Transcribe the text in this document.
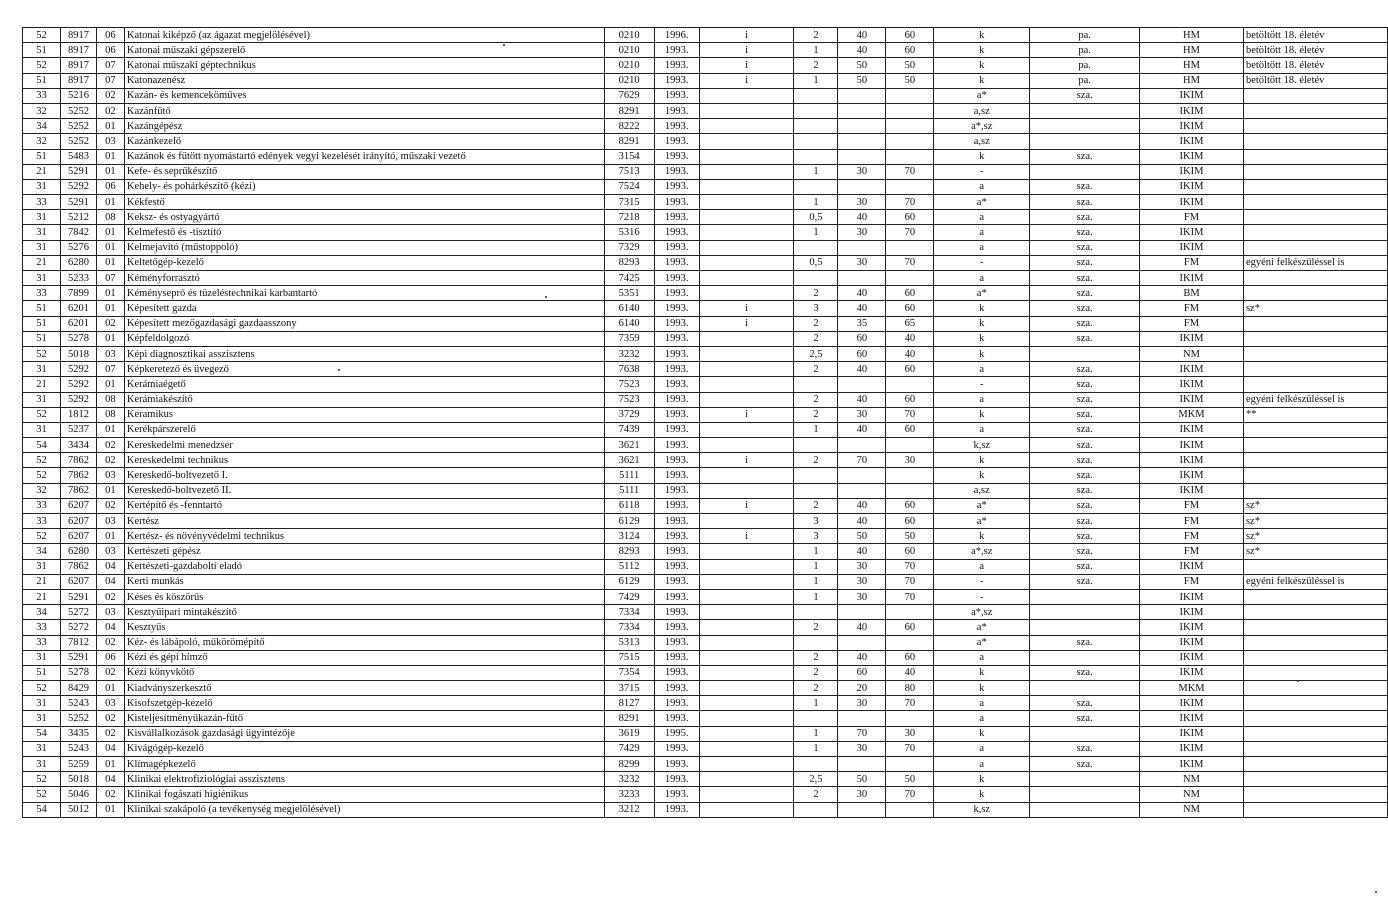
52	8917	06	Katonai kiképző (az ágazat megjelölésével)	0210	1996.	i	2	40	60	k	pa.	HM	betöltött 18. életév
51	8917	06	Katonai műszaki gépszerelő	0210	1993.	i	1	40	60	k	pa.	HM	betöltött 18. életév
52	8917	07	Katonai műszaki géptechnikus	0210	1993.	i	2	50	50	k	pa.	HM	betöltött 18. életév
51	8917	07	Katonazenész	0210	1993.	i	1	50	50	k	pa.	HM	betöltött 18. életév
33	5216	02	Kazán- és kemenceköműves	7629	1993.					a*	sza.	IKIM	
32	5252	02	Kazánfűtő	8291	1993.					a,sz		IKIM	
34	5252	01	Kazángépész	8222	1993.					a*,sz		IKIM	
32	5252	03	Kazánkezelő	8291	1993.					a,sz		IKIM	
51	5483	01	Kazánok és fűtött nyomástartó edények vegyi kezelését irányító, műszaki vezető	3154	1993.					k	sza.	IKIM	
21	5291	01	Kefe- és seprűkészítő	7513	1993.		1	30	70	-		IKIM	
31	5292	06	Kehely- és pohárkészítő (kézi)	7524	1993.					a	sza.	IKIM	
33	5291	01	Kékfestő	7315	1993.		1	30	70	a*	sza.	IKIM	
31	5212	08	Keksz- és ostyagyártó	7218	1993.		0,5	40	60	a	sza.	FM	
31	7842	01	Kelmefestő és -tisztító	5316	1993.		1	30	70	a	sza.	IKIM	
31	5276	01	Kelmejavító (műstoppoló)	7329	1993.					a	sza.	IKIM	
21	6280	01	Keltetőgép-kezelő	8293	1993.		0,5	30	70	-	sza.	FM	egyéni felkészüléssel is
31	5233	07	Kéményforrasztó	7425	1993.					a	sza.	IKIM	
33	7899	01	Kéményseprő és tüzeléstechnikai karbantartó	5351	1993.		2	40	60	a*	sza.	BM	
51	6201	01	Képesített gazda	6140	1993.	i	3	40	60	k	sza.	FM	sz*
51	6201	02	Képesített mezőgazdasági gazdaasszony	6140	1993.	i	2	35	65	k	sza.	FM	
51	5278	01	Képfeldolgozó	7359	1993.		2	60	40	k	sza.	IKIM	
52	5018	03	Képi diagnosztikai asszisztens	3232	1993.		2,5	60	40	k		NM	
31	5292	07	Képkeretező és üvegező	7638	1993.		2	40	60	a	sza.	IKIM	
21	5292	01	Kerámiaégető	7523	1993.					-	sza.	IKIM	
31	5292	08	Kerámiakészítő	7523	1993.		2	40	60	a	sza.	IKIM	egyéni felkészüléssel is
52	1812	08	Keramikus	3729	1993.	i	2	30	70	k	sza.	MKM	**
31	5237	01	Kerékpárszerelő	7439	1993.		1	40	60	a	sza.	IKIM	
54	3434	02	Kereskedelmi menedzser	3621	1993.					k,sz	sza.	IKIM	
52	7862	02	Kereskedelmi technikus	3621	1993.	i	2	70	30	k	sza.	IKIM	
52	7862	03	Kereskedő-boltvezető I.	5111	1993.					k	sza.	IKIM	
32	7862	01	Kereskedő-boltvezető II.	5111	1993.					a,sz	sza.	IKIM	
33	6207	02	Kertépítő és -fenntartó	6118	1993.	i	2	40	60	a*	sza.	FM	sz*
33	6207	03	Kertész	6129	1993.		3	40	60	a*	sza.	FM	sz*
52	6207	01	Kertész- és növényvédelmi technikus	3124	1993.	i	3	50	50	k	sza.	FM	sz*
34	6280	03	Kertészeti gépész	8293	1993.		1	40	60	a*,sz	sza.	FM	sz*
31	7862	04	Kertészeti-gazdabolti eladó	5112	1993.		1	30	70	a	sza.	IKIM	
21	6207	04	Kerti munkás	6129	1993.		1	30	70	-	sza.	FM	egyéni felkészüléssel is
21	5291	02	Késes és köszörűs	7429	1993.		1	30	70	-		IKIM	
34	5272	03	Kesztyűipari mintakészítő	7334	1993.					a*,sz		IKIM	
33	5272	04	Kesztyűs	7334	1993.		2	40	60	a*		IKIM	
33	7812	02	Kéz- és lábápoló, műkörömépítő	5313	1993.					a*	sza.	IKIM	
31	5291	06	Kézi és gépi hímző	7515	1993.		2	40	60	a		IKIM	
51	5278	02	Kézi könyvkötő	7354	1993.		2	60	40	k	sza.	IKIM	
52	8429	01	Kiadványszerkesztő	3715	1993.		2	20	80	k		MKM	
31	5243	03	Kisofszetgép-kezelő	8127	1993.		1	30	70	a	sza.	IKIM	
31	5252	02	Kisteljesítményűkazán-fűtő	8291	1993.					a	sza.	IKIM	
54	3435	02	Kisvállalkozások gazdasági ügyintézője	3619	1995.		1	70	30	k		IKIM	
31	5243	04	Kivágógép-kezelő	7429	1993.		1	30	70	a	sza.	IKIM	
31	5259	01	Klímagépkezelő	8299	1993.					a	sza.	IKIM	
52	5018	04	Klinikai elektrofiziológiai asszisztens	3232	1993.		2,5	50	50	k		NM	
52	5046	02	Klinikai fogászati higiénikus	3233	1993.		2	30	70	k		NM	
54	5012	01	Klinikai szakápoló (a tevékenység megjelölésével)	3212	1993.					k,sz		NM	
